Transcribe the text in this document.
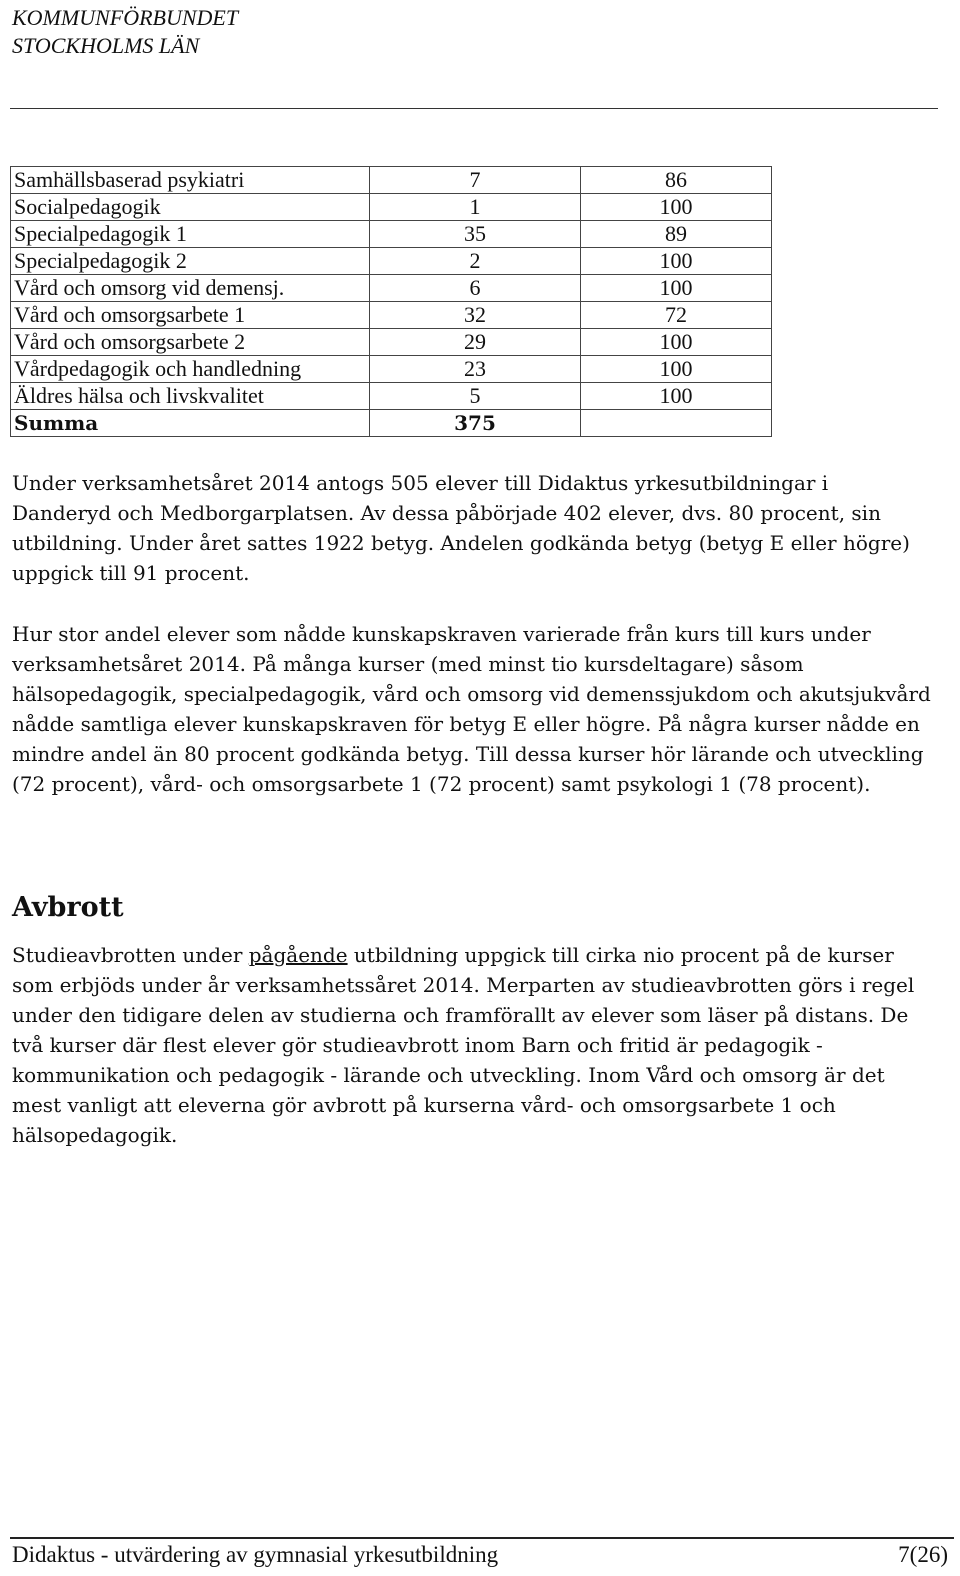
KOMMUNFÖRBUNDET
STOCKHOLMS LÄN
Samhällsbaserad psykiatri	7	86
Socialpedagogik	1	100
Specialpedagogik 1	35	89
Specialpedagogik 2	2	100
Vård och omsorg vid demensj.	6	100
Vård och omsorgsarbete 1	32	72
Vård och omsorgsarbete 2	29	100
Vårdpedagogik och handledning	23	100
Äldres hälsa och livskvalitet	5	100
Summa	375	

Under verksamhetsåret 2014 antogs 505 elever till Didaktus yrkesutbildningar i Danderyd och Medborgarplatsen. Av dessa påbörjade 402 elever, dvs. 80 procent, sin utbildning. Under året sattes 1922 betyg. Andelen godkända betyg (betyg E eller högre) uppgick till 91 procent.

Hur stor andel elever som nådde kunskapskraven varierade från kurs till kurs under verksamhetsåret 2014. På många kurser (med minst tio kursdeltagare) såsom hälsopedagogik, specialpedagogik, vård och omsorg vid demenssjukdom och akutsjukvård nådde samtliga elever kunskapskraven för betyg E eller högre. På några kurser nådde en mindre andel än 80 procent godkända betyg. Till dessa kurser hör lärande och utveckling (72 procent), vård- och omsorgsarbete 1 (72 procent) samt psykologi 1 (78 procent).

Avbrott

Studieavbrotten under pågående utbildning uppgick till cirka nio procent på de kurser som erbjöds under år verksamhetssåret 2014. Merparten av studieavbrotten görs i regel under den tidigare delen av studierna och framförallt av elever som läser på distans. De två kurser där flest elever gör studieavbrott inom Barn och fritid är pedagogik - kommunikation och pedagogik - lärande och utveckling. Inom Vård och omsorg är det mest vanligt att eleverna gör avbrott på kurserna vård- och omsorgsarbete 1 och hälsopedagogik.

Didaktus - utvärdering av gymnasial yrkesutbildning	7(26)
